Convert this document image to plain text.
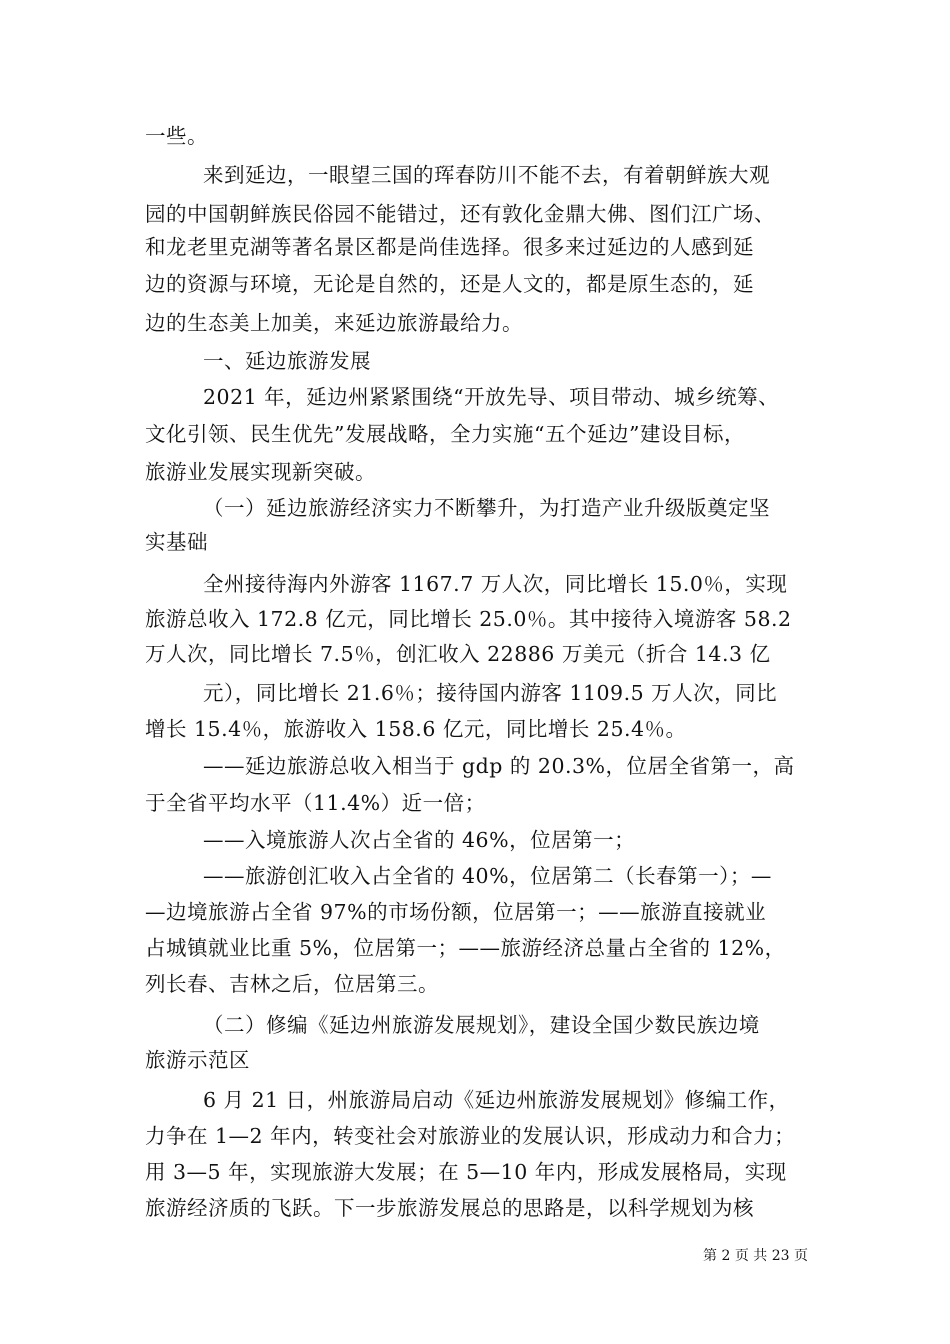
一些。
来到延边，一眼望三国的珲春防川不能不去，有着朝鲜族大观
园的中国朝鲜族民俗园不能错过，还有敦化金鼎大佛、图们江广场、
和龙老里克湖等著名景区都是尚佳选择。很多来过延边的人感到延
边的资源与环境，无论是自然的，还是人文的，都是原生态的，延
边的生态美上加美，来延边旅游最给力。
一、延边旅游发展
2021 年，延边州紧紧围绕“开放先导、项目带动、城乡统筹、
文化引领、民生优先”发展战略，全力实施“五个延边”建设目标，
旅游业发展实现新突破。
（一）延边旅游经济实力不断攀升，为打造产业升级版奠定坚
实基础
全州接待海内外游客 1167.7 万人次，同比增长 15.0％，实现
旅游总收入 172.8 亿元，同比增长 25.0％。其中接待入境游客 58.2
万人次，同比增长 7.5％，创汇收入 22886 万美元（折合 14.3 亿
元），同比增长 21.6％；接待国内游客 1109.5 万人次，同比
增长 15.4％，旅游收入 158.6 亿元，同比增长 25.4％。
——延边旅游总收入相当于 gdp 的 20.3%，位居全省第一，高
于全省平均水平（11.4%）近一倍；
——入境旅游人次占全省的 46%，位居第一；
——旅游创汇收入占全省的 40%，位居第二（长春第一）；—
—边境旅游占全省 97%的市场份额，位居第一；——旅游直接就业
占城镇就业比重 5%，位居第一；——旅游经济总量占全省的 12%，
列长春、吉林之后，位居第三。
（二）修编《延边州旅游发展规划》，建设全国少数民族边境
旅游示范区
6 月 21 日，州旅游局启动《延边州旅游发展规划》修编工作，
力争在 1—2 年内，转变社会对旅游业的发展认识，形成动力和合力；
用 3—5 年，实现旅游大发展；在 5—10 年内，形成发展格局，实现
旅游经济质的飞跃。下一步旅游发展总的思路是，以科学规划为核
第 2 页 共 23 页
